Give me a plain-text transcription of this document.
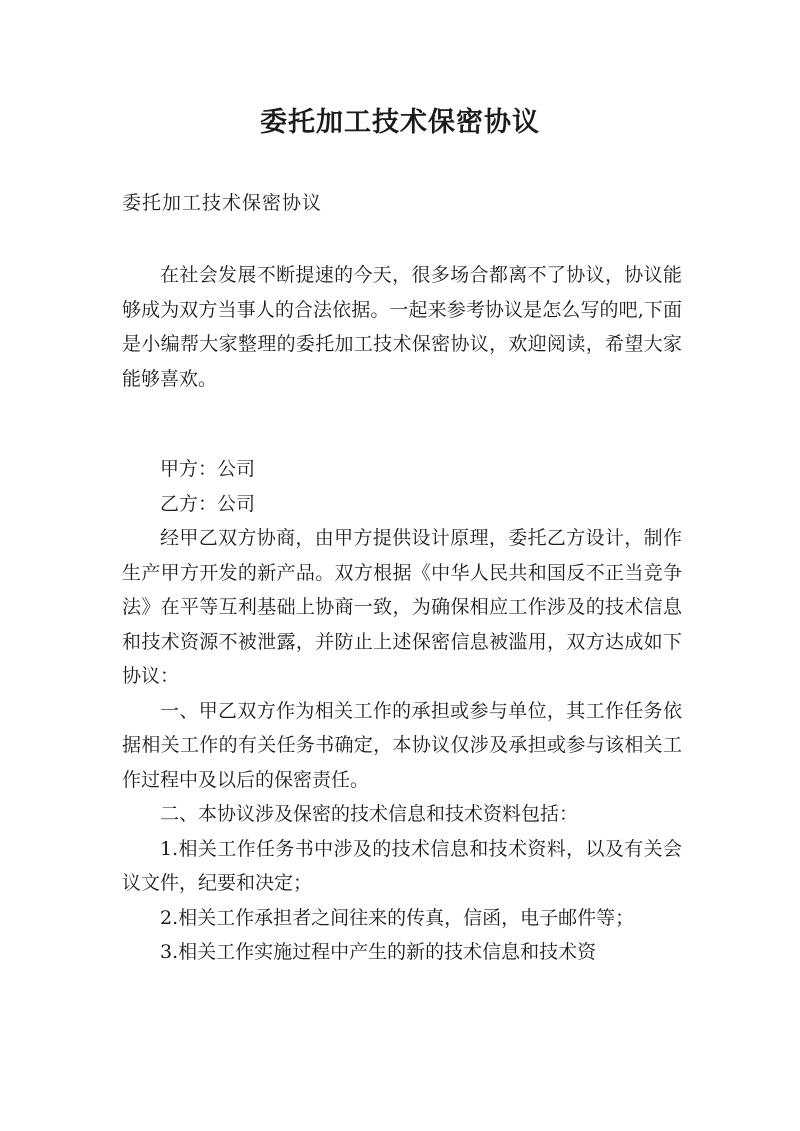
委托加工技术保密协议

委托加工技术保密协议

在社会发展不断提速的今天，很多场合都离不了协议，协议能够成为双方当事人的合法依据。一起来参考协议是怎么写的吧,下面是小编帮大家整理的委托加工技术保密协议，欢迎阅读，希望大家能够喜欢。

甲方：公司

乙方：公司

经甲乙双方协商，由甲方提供设计原理，委托乙方设计，制作生产甲方开发的新产品。双方根据《中华人民共和国反不正当竞争法》在平等互利基础上协商一致，为确保相应工作涉及的技术信息和技术资源不被泄露，并防止上述保密信息被滥用，双方达成如下协议：

一、甲乙双方作为相关工作的承担或参与单位，其工作任务依据相关工作的有关任务书确定，本协议仅涉及承担或参与该相关工作过程中及以后的保密责任。

二、本协议涉及保密的技术信息和技术资料包括：

1.相关工作任务书中涉及的技术信息和技术资料，以及有关会议文件，纪要和决定；

2.相关工作承担者之间往来的传真，信函，电子邮件等；

3.相关工作实施过程中产生的新的技术信息和技术资
